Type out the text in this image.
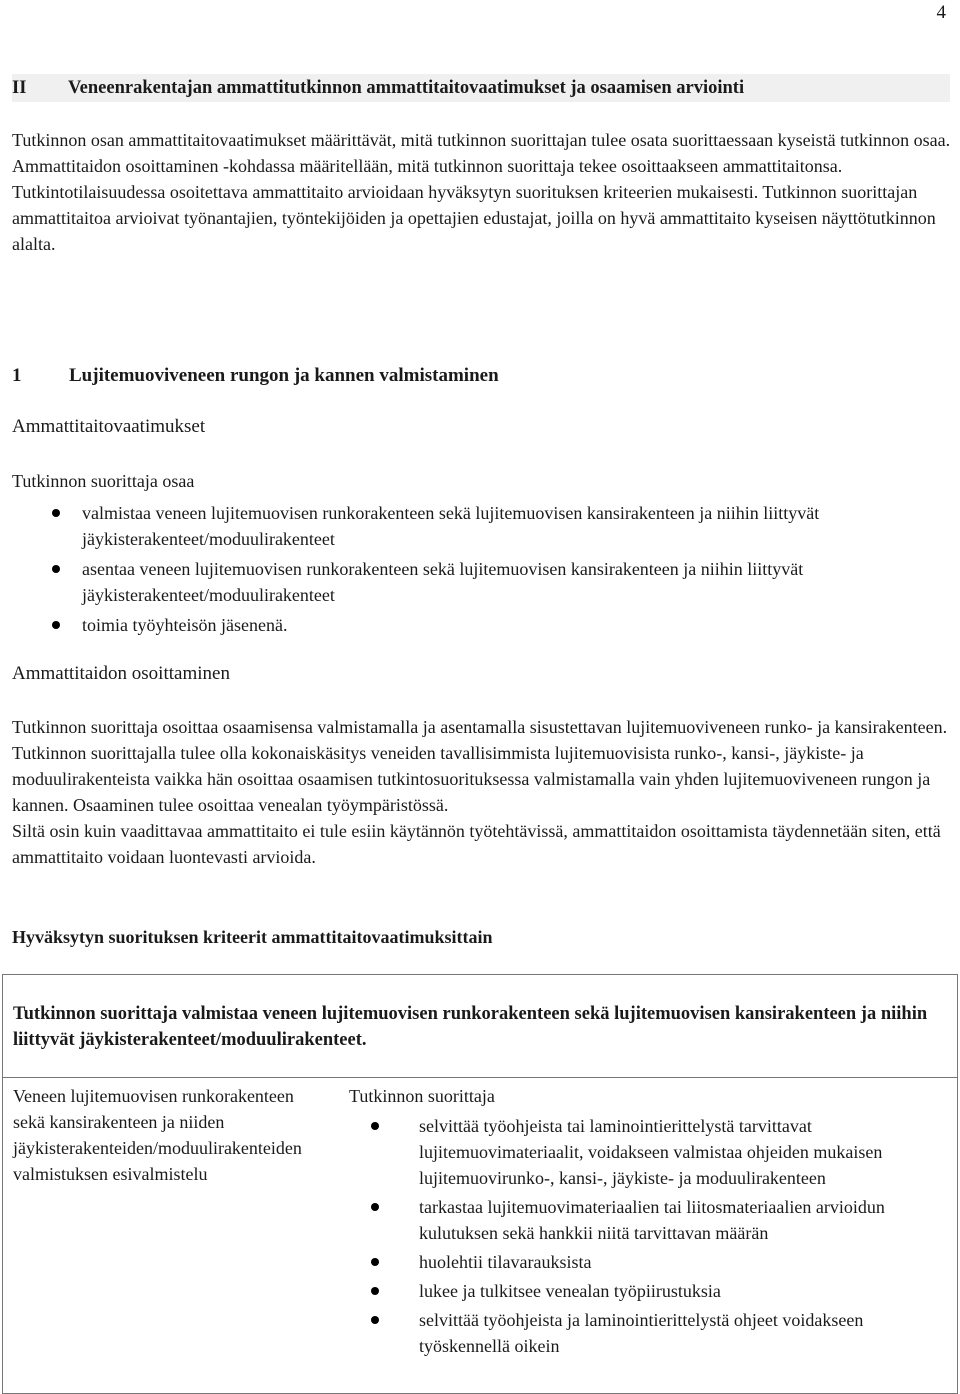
4
II	Veneenrakentajan ammattitutkinnon ammattitaitovaatimukset ja osaamisen arviointi

Tutkinnon osan ammattitaitovaatimukset määrittävät, mitä tutkinnon suorittajan tulee osata suorittaessaan kyseistä tutkinnon osaa. Ammattitaidon osoittaminen -kohdassa määritellään, mitä tutkinnon suorittaja tekee osoittaakseen ammattitaitonsa. Tutkintotilaisuudessa osoitettava ammattitaito arvioidaan hyväksytyn suorituksen kriteerien mukaisesti. Tutkinnon suorittajan ammattitaitoa arvioivat työnantajien, työntekijöiden ja opettajien edustajat, joilla on hyvä ammattitaito kyseisen näyttötutkinnon alalta.

1	Lujitemuoviveneen rungon ja kannen valmistaminen
Ammattitaitovaatimukset
Tutkinnon suorittaja osaa
valmistaa veneen lujitemuovisen runkorakenteen sekä lujitemuovisen kansirakenteen ja niihin liittyvät jäykisterakenteet/moduulirakenteet
asentaa veneen lujitemuovisen runkorakenteen sekä lujitemuovisen kansirakenteen ja niihin liittyvät jäykisterakenteet/moduulirakenteet
toimia työyhteisön jäsenenä.
Ammattitaidon osoittaminen

Tutkinnon suorittaja osoittaa osaamisensa valmistamalla ja asentamalla sisustettavan lujitemuoviveneen runko- ja kansirakenteen.

Tutkinnon suorittajalla tulee olla kokonaiskäsitys veneiden tavallisimmista lujitemuovisista runko-, kansi-, jäykiste- ja moduulirakenteista vaikka hän osoittaa osaamisen tutkintosuorituksessa valmistamalla vain yhden lujitemuoviveneen rungon ja kannen. Osaaminen tulee osoittaa venealan työympäristössä.

Siltä osin kuin vaadittavaa ammattitaito ei tule esiin käytännön työtehtävissä, ammattitaidon osoittamista täydennetään siten, että ammattitaito voidaan luontevasti arvioida.

Hyväksytyn suorituksen kriteerit ammattitaitovaatimuksittain
Tutkinnon suorittaja valmistaa veneen lujitemuovisen runkorakenteen sekä lujitemuovisen kansirakenteen ja niihin liittyvät jäykisterakenteet/moduulirakenteet.
Veneen lujitemuovisen runkorakenteen sekä kansirakenteen ja niiden jäykisterakenteiden/moduulirakenteiden valmistuksen esivalmistelu
Tutkinnon suorittaja
selvittää työohjeista tai laminointierittelystä tarvittavat lujitemuovimateriaalit, voidakseen valmistaa ohjeiden mukaisen lujitemuovirunko-, kansi-, jäykiste- ja moduulirakenteen
tarkastaa lujitemuovimateriaalien tai liitosmateriaalien arvioidun kulutuksen sekä hankkii niitä tarvittavan määrän
huolehtii tilavarauksista
lukee ja tulkitsee venealan työpiirustuksia
selvittää työohjeista ja laminointierittelystä ohjeet voidakseen työskennellä oikein
